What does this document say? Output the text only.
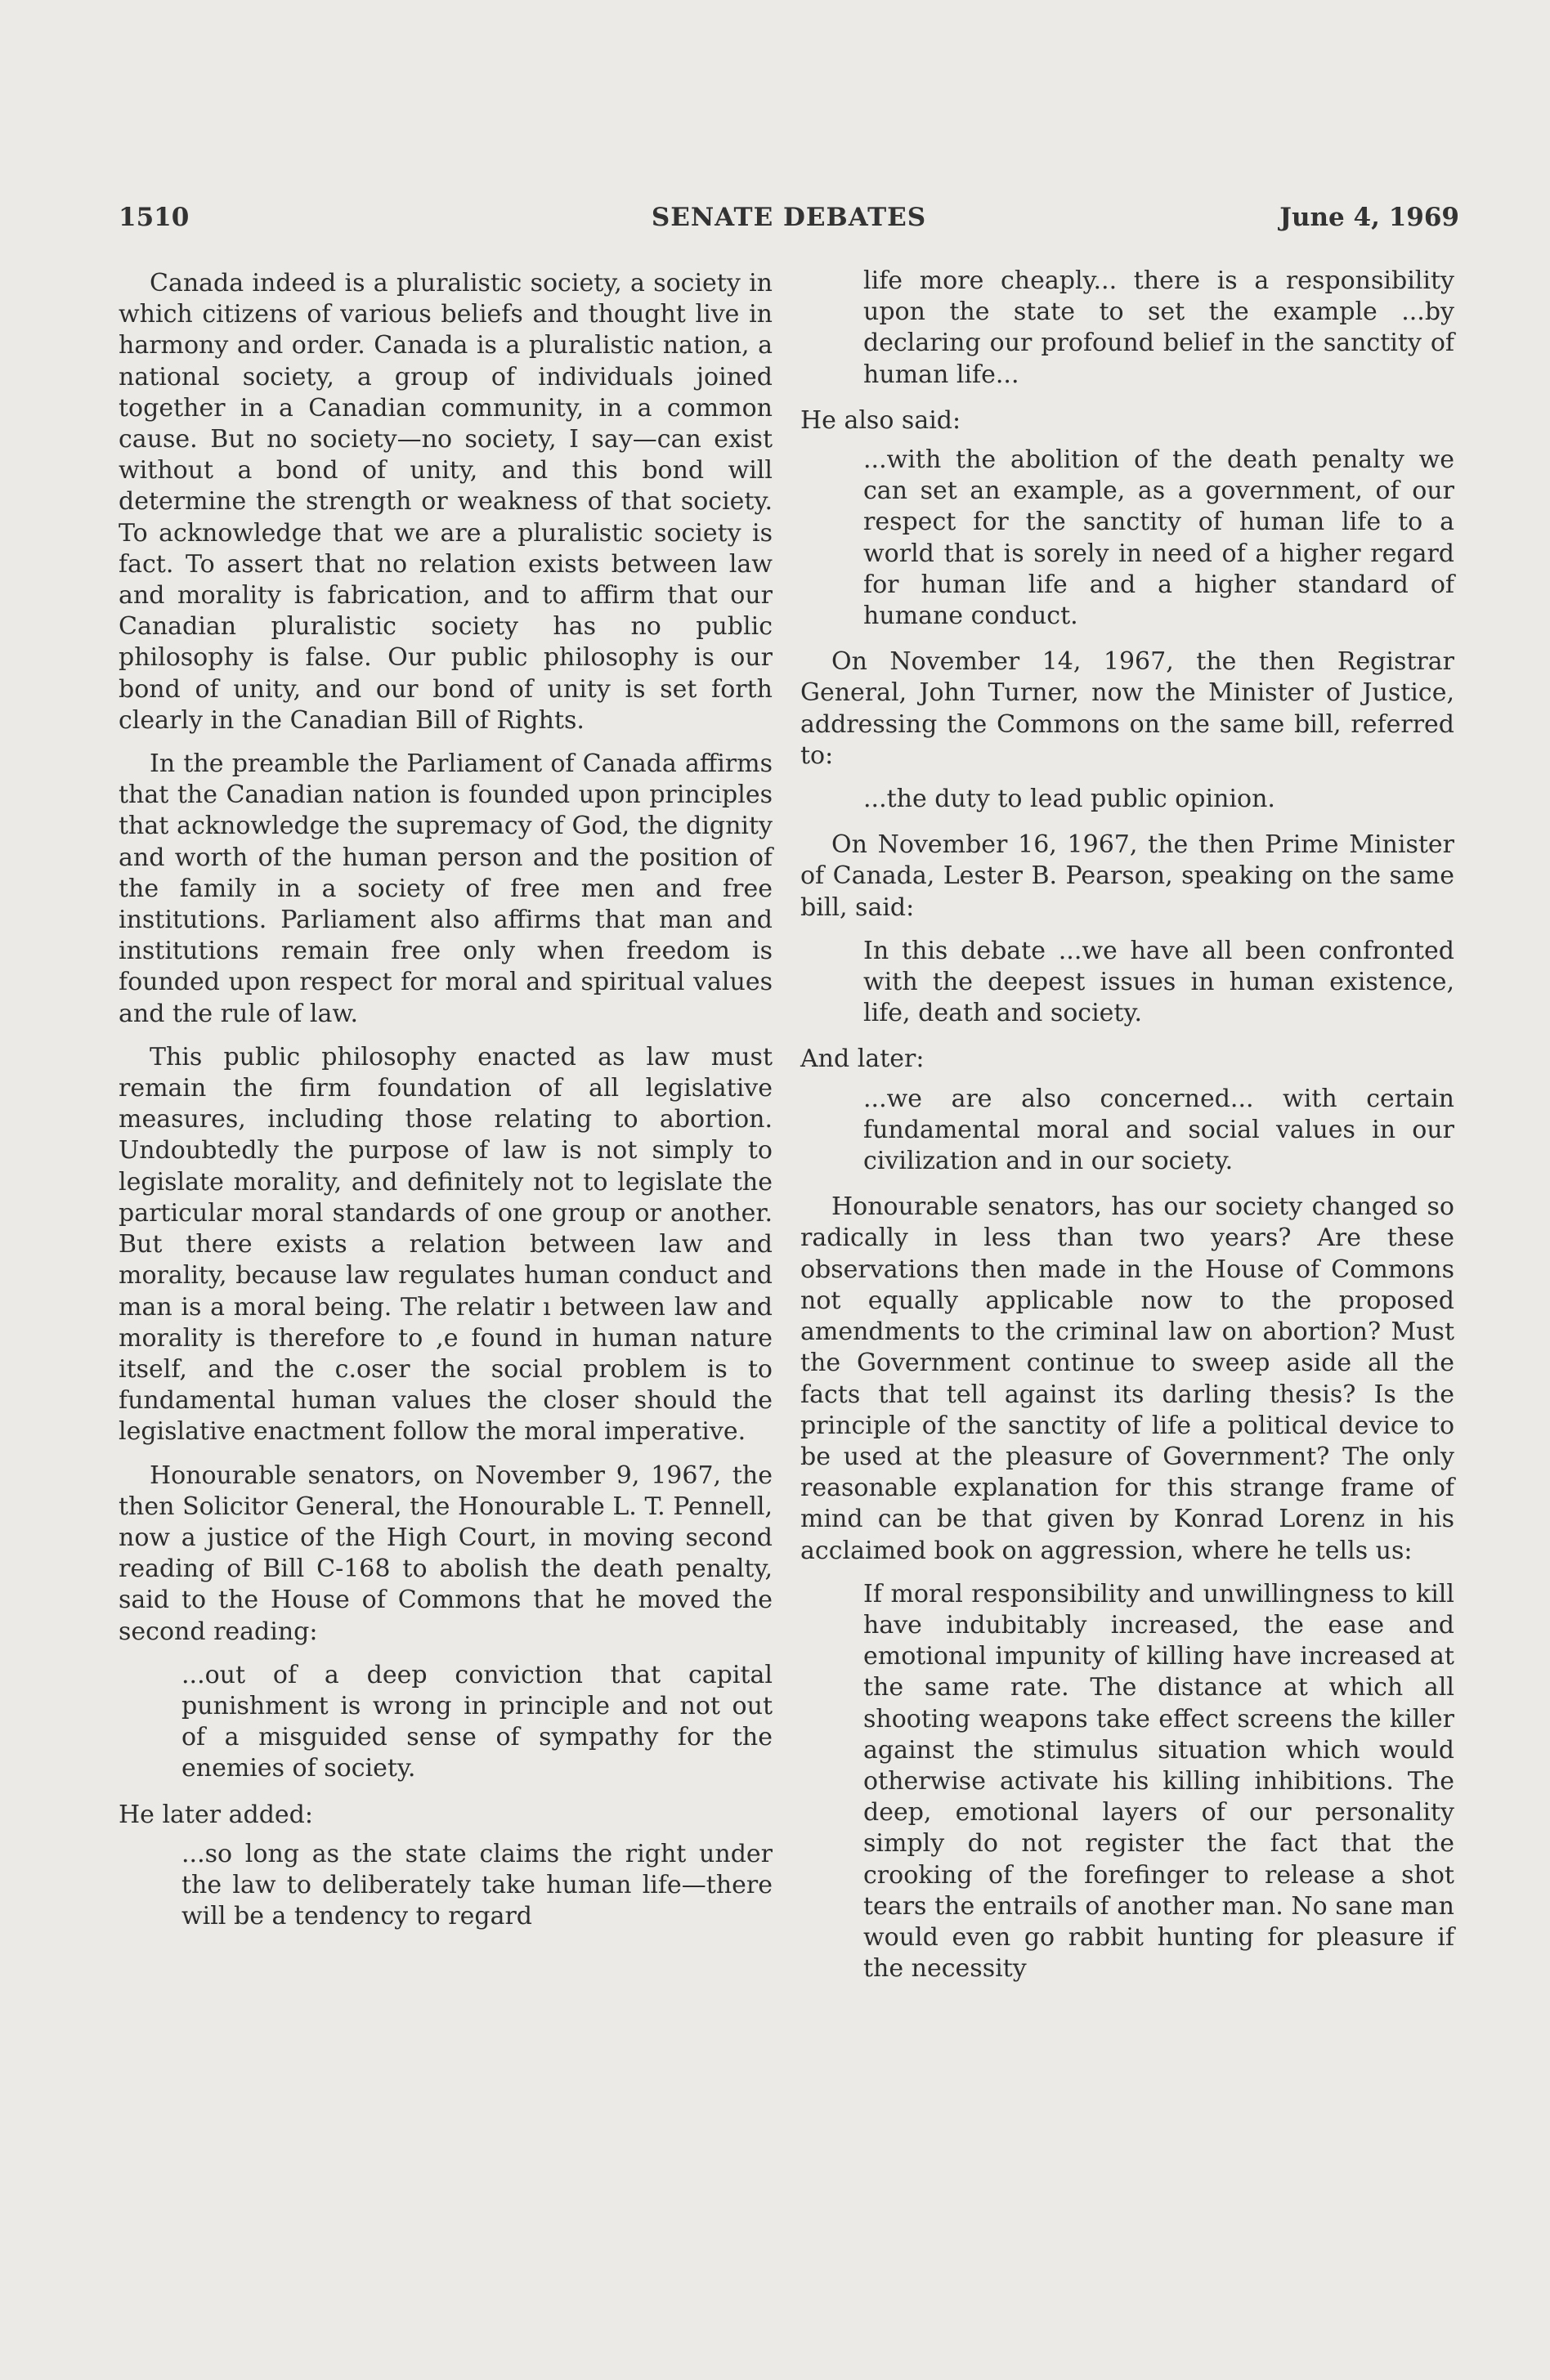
1510	SENATE DEBATES	June 4, 1969

Canada indeed is a pluralistic society, a society in which citizens of various beliefs and thought live in harmony and order. Canada is a pluralistic nation, a national society, a group of individuals joined together in a Canadian community, in a common cause. But no society—no society, I say—can exist without a bond of unity, and this bond will determine the strength or weakness of that society. To acknowledge that we are a pluralistic society is fact. To assert that no relation exists between law and morality is fabrication, and to affirm that our Canadian pluralistic society has no public philosophy is false. Our public philosophy is our bond of unity, and our bond of unity is set forth clearly in the Canadian Bill of Rights.

In the preamble the Parliament of Canada affirms that the Canadian nation is founded upon principles that acknowledge the supremacy of God, the dignity and worth of the human person and the position of the family in a society of free men and free institutions. Parliament also affirms that man and institutions remain free only when freedom is founded upon respect for moral and spiritual values and the rule of law.

This public philosophy enacted as law must remain the firm foundation of all legislative measures, including those relating to abortion. Undoubtedly the purpose of law is not simply to legislate morality, and definitely not to legislate the particular moral standards of one group or another. But there exists a relation between law and morality, because law regulates human conduct and man is a moral being. The relatir ı between law and morality is therefore to ,e found in human nature itself, and the c.oser the social problem is to fundamental human values the closer should the legislative enactment follow the moral imperative.

Honourable senators, on November 9, 1967, the then Solicitor General, the Honourable L. T. Pennell, now a justice of the High Court, in moving second reading of Bill C-168 to abolish the death penalty, said to the House of Commons that he moved the second reading:

...out of a deep conviction that capital punishment is wrong in principle and not out of a misguided sense of sympathy for the enemies of society.

He later added:

...so long as the state claims the right under the law to deliberately take human life—there will be a tendency to regard

life more cheaply... there is a responsibility upon the state to set the example ...by declaring our profound belief in the sanctity of human life...

He also said:

...with the abolition of the death penalty we can set an example, as a government, of our respect for the sanctity of human life to a world that is sorely in need of a higher regard for human life and a higher standard of humane conduct.

On November 14, 1967, the then Registrar General, John Turner, now the Minister of Justice, addressing the Commons on the same bill, referred to:

...the duty to lead public opinion.

On November 16, 1967, the then Prime Minister of Canada, Lester B. Pearson, speaking on the same bill, said:

In this debate ...we have all been confronted with the deepest issues in human existence, life, death and society.

And later:

...we are also concerned... with certain fundamental moral and social values in our civilization and in our society.

Honourable senators, has our society changed so radically in less than two years? Are these observations then made in the House of Commons not equally applicable now to the proposed amendments to the criminal law on abortion? Must the Government continue to sweep aside all the facts that tell against its darling thesis? Is the principle of the sanctity of life a political device to be used at the pleasure of Government? The only reasonable explanation for this strange frame of mind can be that given by Konrad Lorenz in his acclaimed book on aggression, where he tells us:

If moral responsibility and unwillingness to kill have indubitably increased, the ease and emotional impunity of killing have increased at the same rate. The distance at which all shooting weapons take effect screens the killer against the stimulus situation which would otherwise activate his killing inhibitions. The deep, emotional layers of our personality simply do not register the fact that the crooking of the forefinger to release a shot tears the entrails of another man. No sane man would even go rabbit hunting for pleasure if the necessity
